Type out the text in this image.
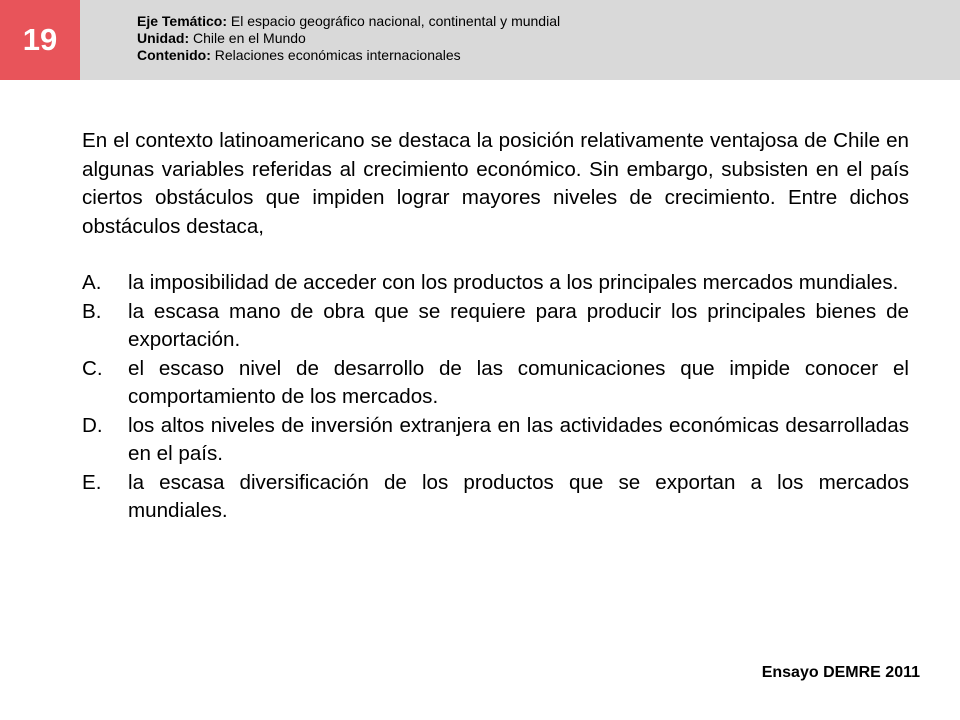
19
Eje Temático: El espacio geográfico nacional, continental y mundial
Unidad: Chile en el Mundo
Contenido: Relaciones económicas internacionales

En el contexto latinoamericano se destaca la posición relativamente ventajosa de Chile en algunas variables referidas al crecimiento económico. Sin embargo, subsisten en el país ciertos obstáculos que impiden lograr mayores niveles de crecimiento. Entre dichos obstáculos destaca,

A.	la imposibilidad de acceder con los productos a los principales mercados mundiales.
B.	la escasa mano de obra que se requiere para producir los principales bienes de exportación.
C.	el escaso nivel de desarrollo de las comunicaciones que impide conocer el comportamiento de los mercados.
D.	los altos niveles de inversión extranjera en las actividades económicas desarrolladas en el país.
E.	la escasa diversificación de los productos que se exportan a los mercados mundiales.
Ensayo DEMRE 2011
